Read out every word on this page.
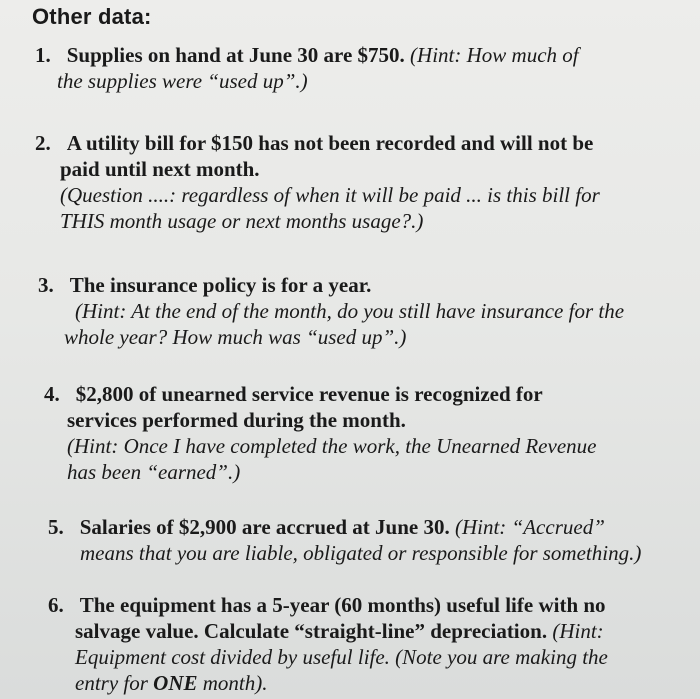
Other data:
1. Supplies on hand at June 30 are $750. (Hint: How much of
the supplies were “used up”.)
2. A utility bill for $150 has not been recorded and will not be
paid until next month.
(Question ....: regardless of when it will be paid ... is this bill for
THIS month usage or next months usage?.)
3. The insurance policy is for a year.
(Hint: At the end of the month, do you still have insurance for the
whole year? How much was “used up”.)
4. $2,800 of unearned service revenue is recognized for
services performed during the month.
(Hint: Once I have completed the work, the Unearned Revenue
has been “earned”.)
5. Salaries of $2,900 are accrued at June 30. (Hint: “Accrued”
means that you are liable, obligated or responsible for something.)
6. The equipment has a 5-year (60 months) useful life with no
salvage value. Calculate “straight-line” depreciation. (Hint:
Equipment cost divided by useful life. (Note you are making the
entry for ONE month).
